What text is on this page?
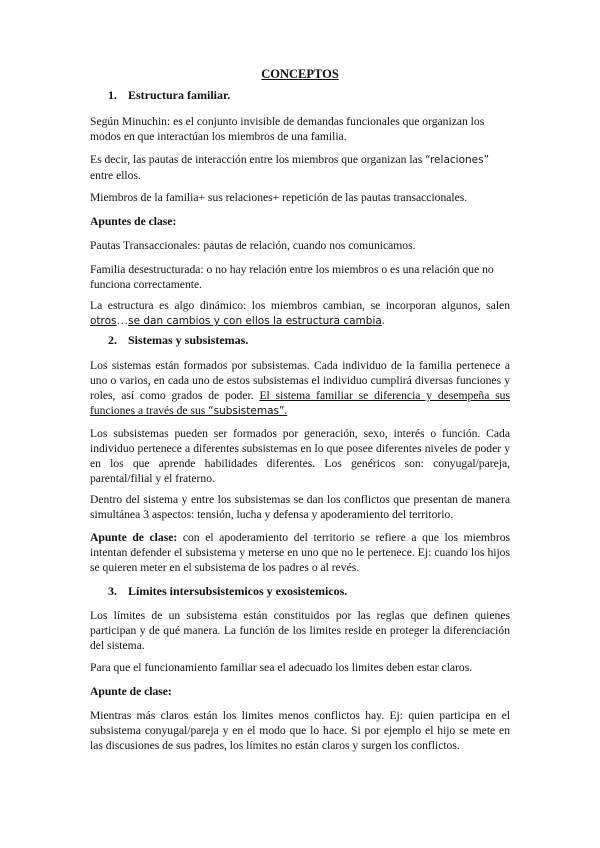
CONCEPTOS

1. Estructura familiar.

Según Minuchin: es el conjunto invisible de demandas funcionales que organizan los modos en que interactúan los miembros de una familia.

Es decir, las pautas de interacción entre los miembros que organizan las “relaciones” entre ellos.

Miembros de la familia+ sus relaciones+ repetición de las pautas transaccionales.

Apuntes de clase:

Pautas Transaccionales: pautas de relación, cuando nos comunicamos.

Familia desestructurada: o no hay relación entre los miembros o es una relación que no funciona correctamente.

La estructura es algo dinámico: los miembros cambian, se incorporan algunos, salen otros…se dan cambios y con ellos la estructura cambia.

2. Sistemas y subsistemas.

Los sistemas están formados por subsistemas. Cada individuo de la familia pertenece a uno o varios, en cada uno de estos subsistemas el individuo cumplirá diversas funciones y roles, así como grados de poder. El sistema familiar se diferencia y desempeña sus funciones a través de sus “subsistemas”.

Los subsistemas pueden ser formados por generación, sexo, interés o función. Cada individuo pertenece a diferentes subsistemas en lo que posee diferentes niveles de poder y en los que aprende habilidades diferentes. Los genéricos son: conyugal/pareja, parental/filial y el fraterno.

Dentro del sistema y entre los subsistemas se dan los conflictos que presentan de manera simultánea 3 aspectos: tensión, lucha y defensa y apoderamiento del territorio.

Apunte de clase: con el apoderamiento del territorio se refiere a que los miembros intentan defender el subsistema y meterse en uno que no le pertenece. Ej: cuando los hijos se quieren meter en el subsistema de los padres o al revés.

3. Límites intersubsistemicos y exosistemicos.

Los límites de un subsistema están constituidos por las reglas que definen quienes participan y de qué manera. La función de los limites reside en proteger la diferenciación del sistema.

Para que el funcionamiento familiar sea el adecuado los limites deben estar claros.

Apunte de clase:

Mientras más claros están los limites menos conflictos hay. Ej: quien participa en el subsistema conyugal/pareja y en el modo que lo hace. Si por ejemplo el hijo se mete en las discusiones de sus padres, los límites no están claros y surgen los conflictos.
